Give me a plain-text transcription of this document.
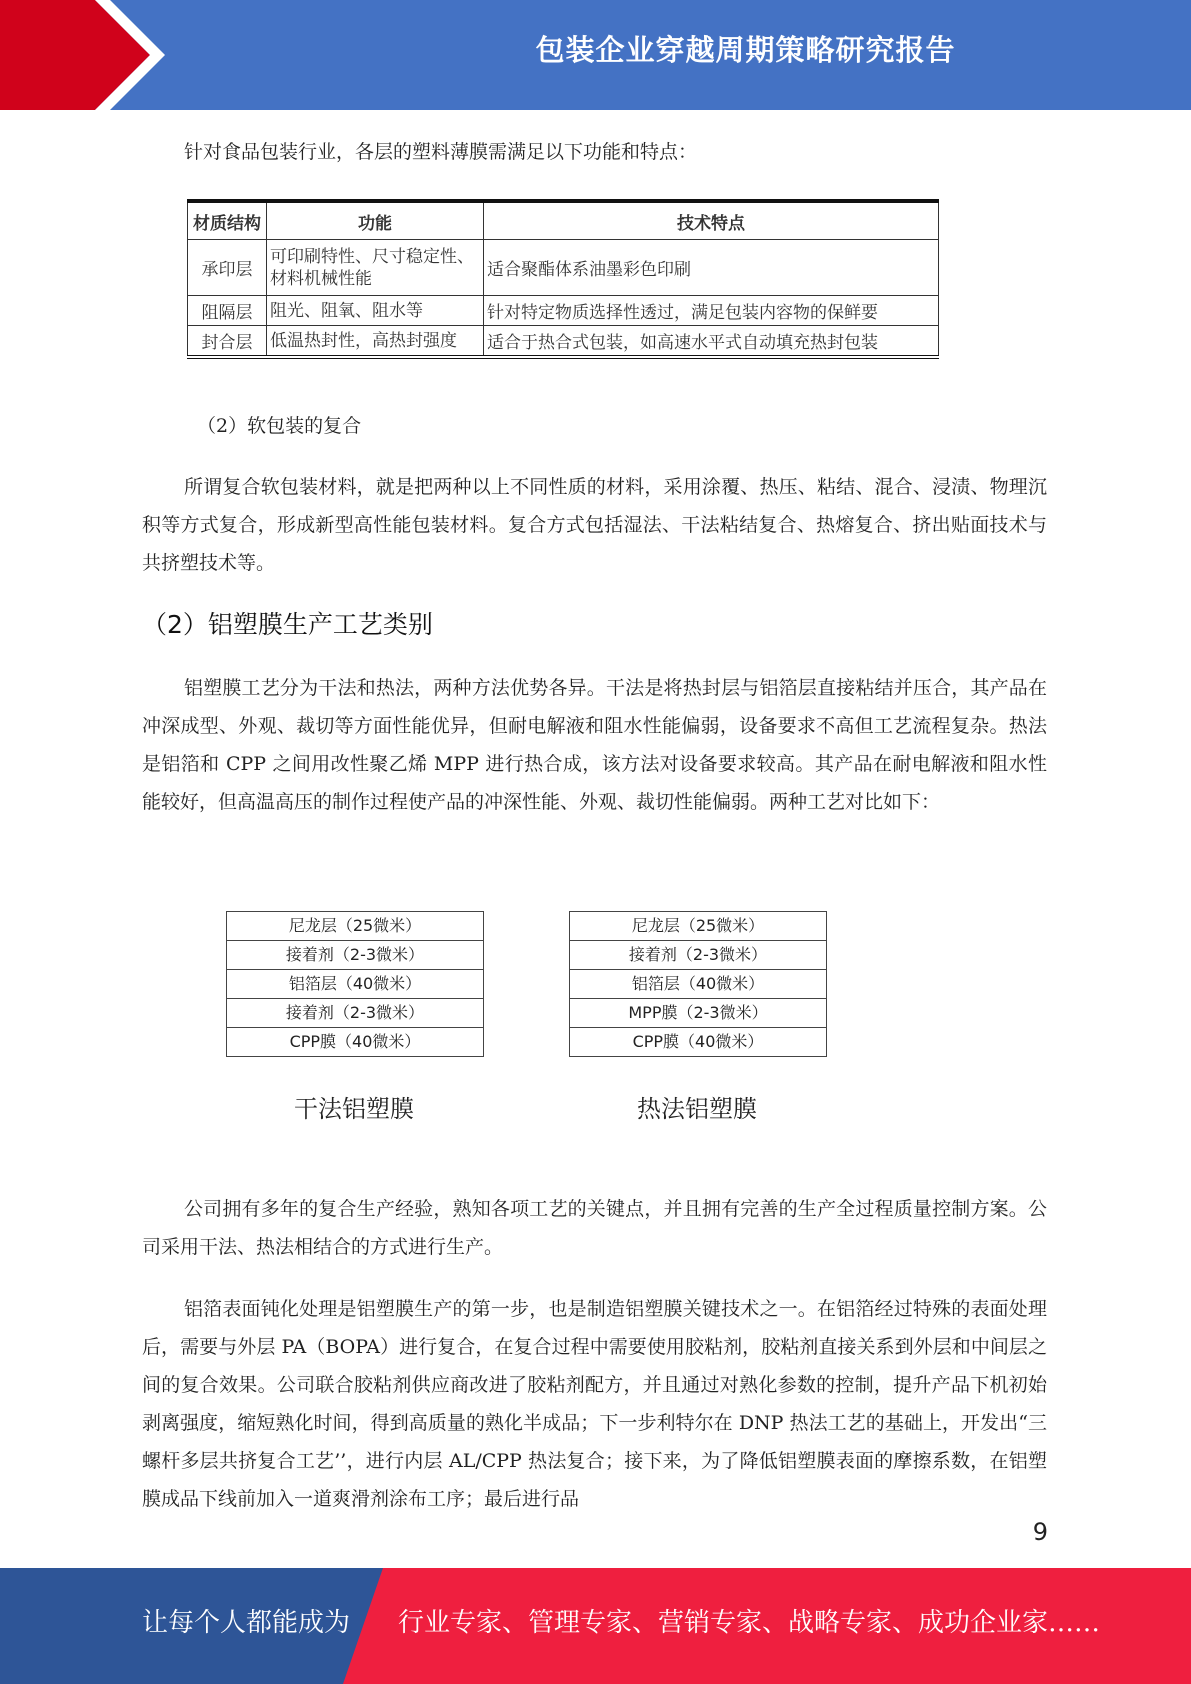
包装企业穿越周期策略研究报告

针对食品包装行业，各层的塑料薄膜需满足以下功能和特点：

材质结构	功能	技术特点
承印层	可印刷特性、尺寸稳定性、材料机械性能	适合聚酯体系油墨彩色印刷
阻隔层	阻光、阻氧、阻水等	针对特定物质选择性透过，满足包装内容物的保鲜要
封合层	低温热封性，高热封强度	适合于热合式包装，如高速水平式自动填充热封包装

（2）软包装的复合

所谓复合软包装材料，就是把两种以上不同性质的材料，采用涂覆、热压、粘结、混合、浸渍、物理沉积等方式复合，形成新型高性能包装材料。复合方式包括湿法、干法粘结复合、热熔复合、挤出贴面技术与共挤塑技术等。

（2）铝塑膜生产工艺类别

铝塑膜工艺分为干法和热法，两种方法优势各异。干法是将热封层与铝箔层直接粘结并压合，其产品在冲深成型、外观、裁切等方面性能优异，但耐电解液和阻水性能偏弱，设备要求不高但工艺流程复杂。热法是铝箔和 CPP 之间用改性聚乙烯 MPP 进行热合成，该方法对设备要求较高。其产品在耐电解液和阻水性能较好，但高温高压的制作过程使产品的冲深性能、外观、裁切性能偏弱。两种工艺对比如下：

尼龙层（25微米）
接着剂（2-3微米）
铝箔层（40微米）
接着剂（2-3微米）
CPP膜（40微米）
干法铝塑膜
尼龙层（25微米）
接着剂（2-3微米）
铝箔层（40微米）
MPP膜（2-3微米）
CPP膜（40微米）
热法铝塑膜

公司拥有多年的复合生产经验，熟知各项工艺的关键点，并且拥有完善的生产全过程质量控制方案。公司采用干法、热法相结合的方式进行生产。

铝箔表面钝化处理是铝塑膜生产的第一步，也是制造铝塑膜关键技术之一。在铝箔经过特殊的表面处理后，需要与外层 PA（BOPA）进行复合，在复合过程中需要使用胶粘剂，胶粘剂直接关系到外层和中间层之间的复合效果。公司联合胶粘剂供应商改进了胶粘剂配方，并且通过对熟化参数的控制，提升产品下机初始剥离强度，缩短熟化时间，得到高质量的熟化半成品；下一步利特尔在 DNP 热法工艺的基础上，开发出“三螺杆多层共挤复合工艺’’，进行内层 AL/CPP 热法复合；接下来，为了降低铝塑膜表面的摩擦系数，在铝塑膜成品下线前加入一道爽滑剂涂布工序；最后进行品

9
让每个人都能成为 行业专家、管理专家、营销专家、战略专家、成功企业家……
